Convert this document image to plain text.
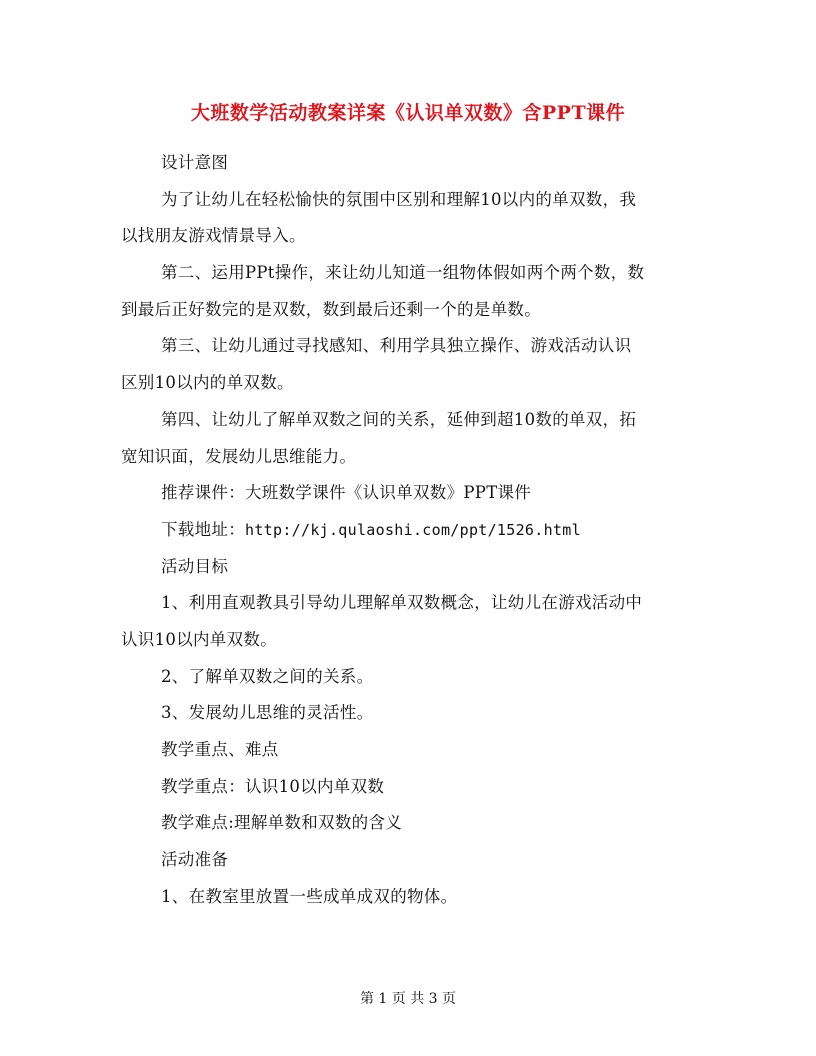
大班数学活动教案详案《认识单双数》含PPT课件
设计意图
为了让幼儿在轻松愉快的氛围中区别和理解10以内的单双数，我
以找朋友游戏情景导入。
第二、运用PPt操作，来让幼儿知道一组物体假如两个两个数，数
到最后正好数完的是双数，数到最后还剩一个的是单数。
第三、让幼儿通过寻找感知、利用学具独立操作、游戏活动认识
区别10以内的单双数。
第四、让幼儿了解单双数之间的关系，延伸到超10数的单双，拓
宽知识面，发展幼儿思维能力。
推荐课件：大班数学课件《认识单双数》PPT课件
下载地址：http://kj.qulaoshi.com/ppt/1526.html
活动目标
1、利用直观教具引导幼儿理解单双数概念，让幼儿在游戏活动中
认识10以内单双数。
2、了解单双数之间的关系。
3、发展幼儿思维的灵活性。
教学重点、难点
教学重点：认识10以内单双数
教学难点:理解单数和双数的含义
活动准备
1、在教室里放置一些成单成双的物体。
第 1 页 共 3 页
